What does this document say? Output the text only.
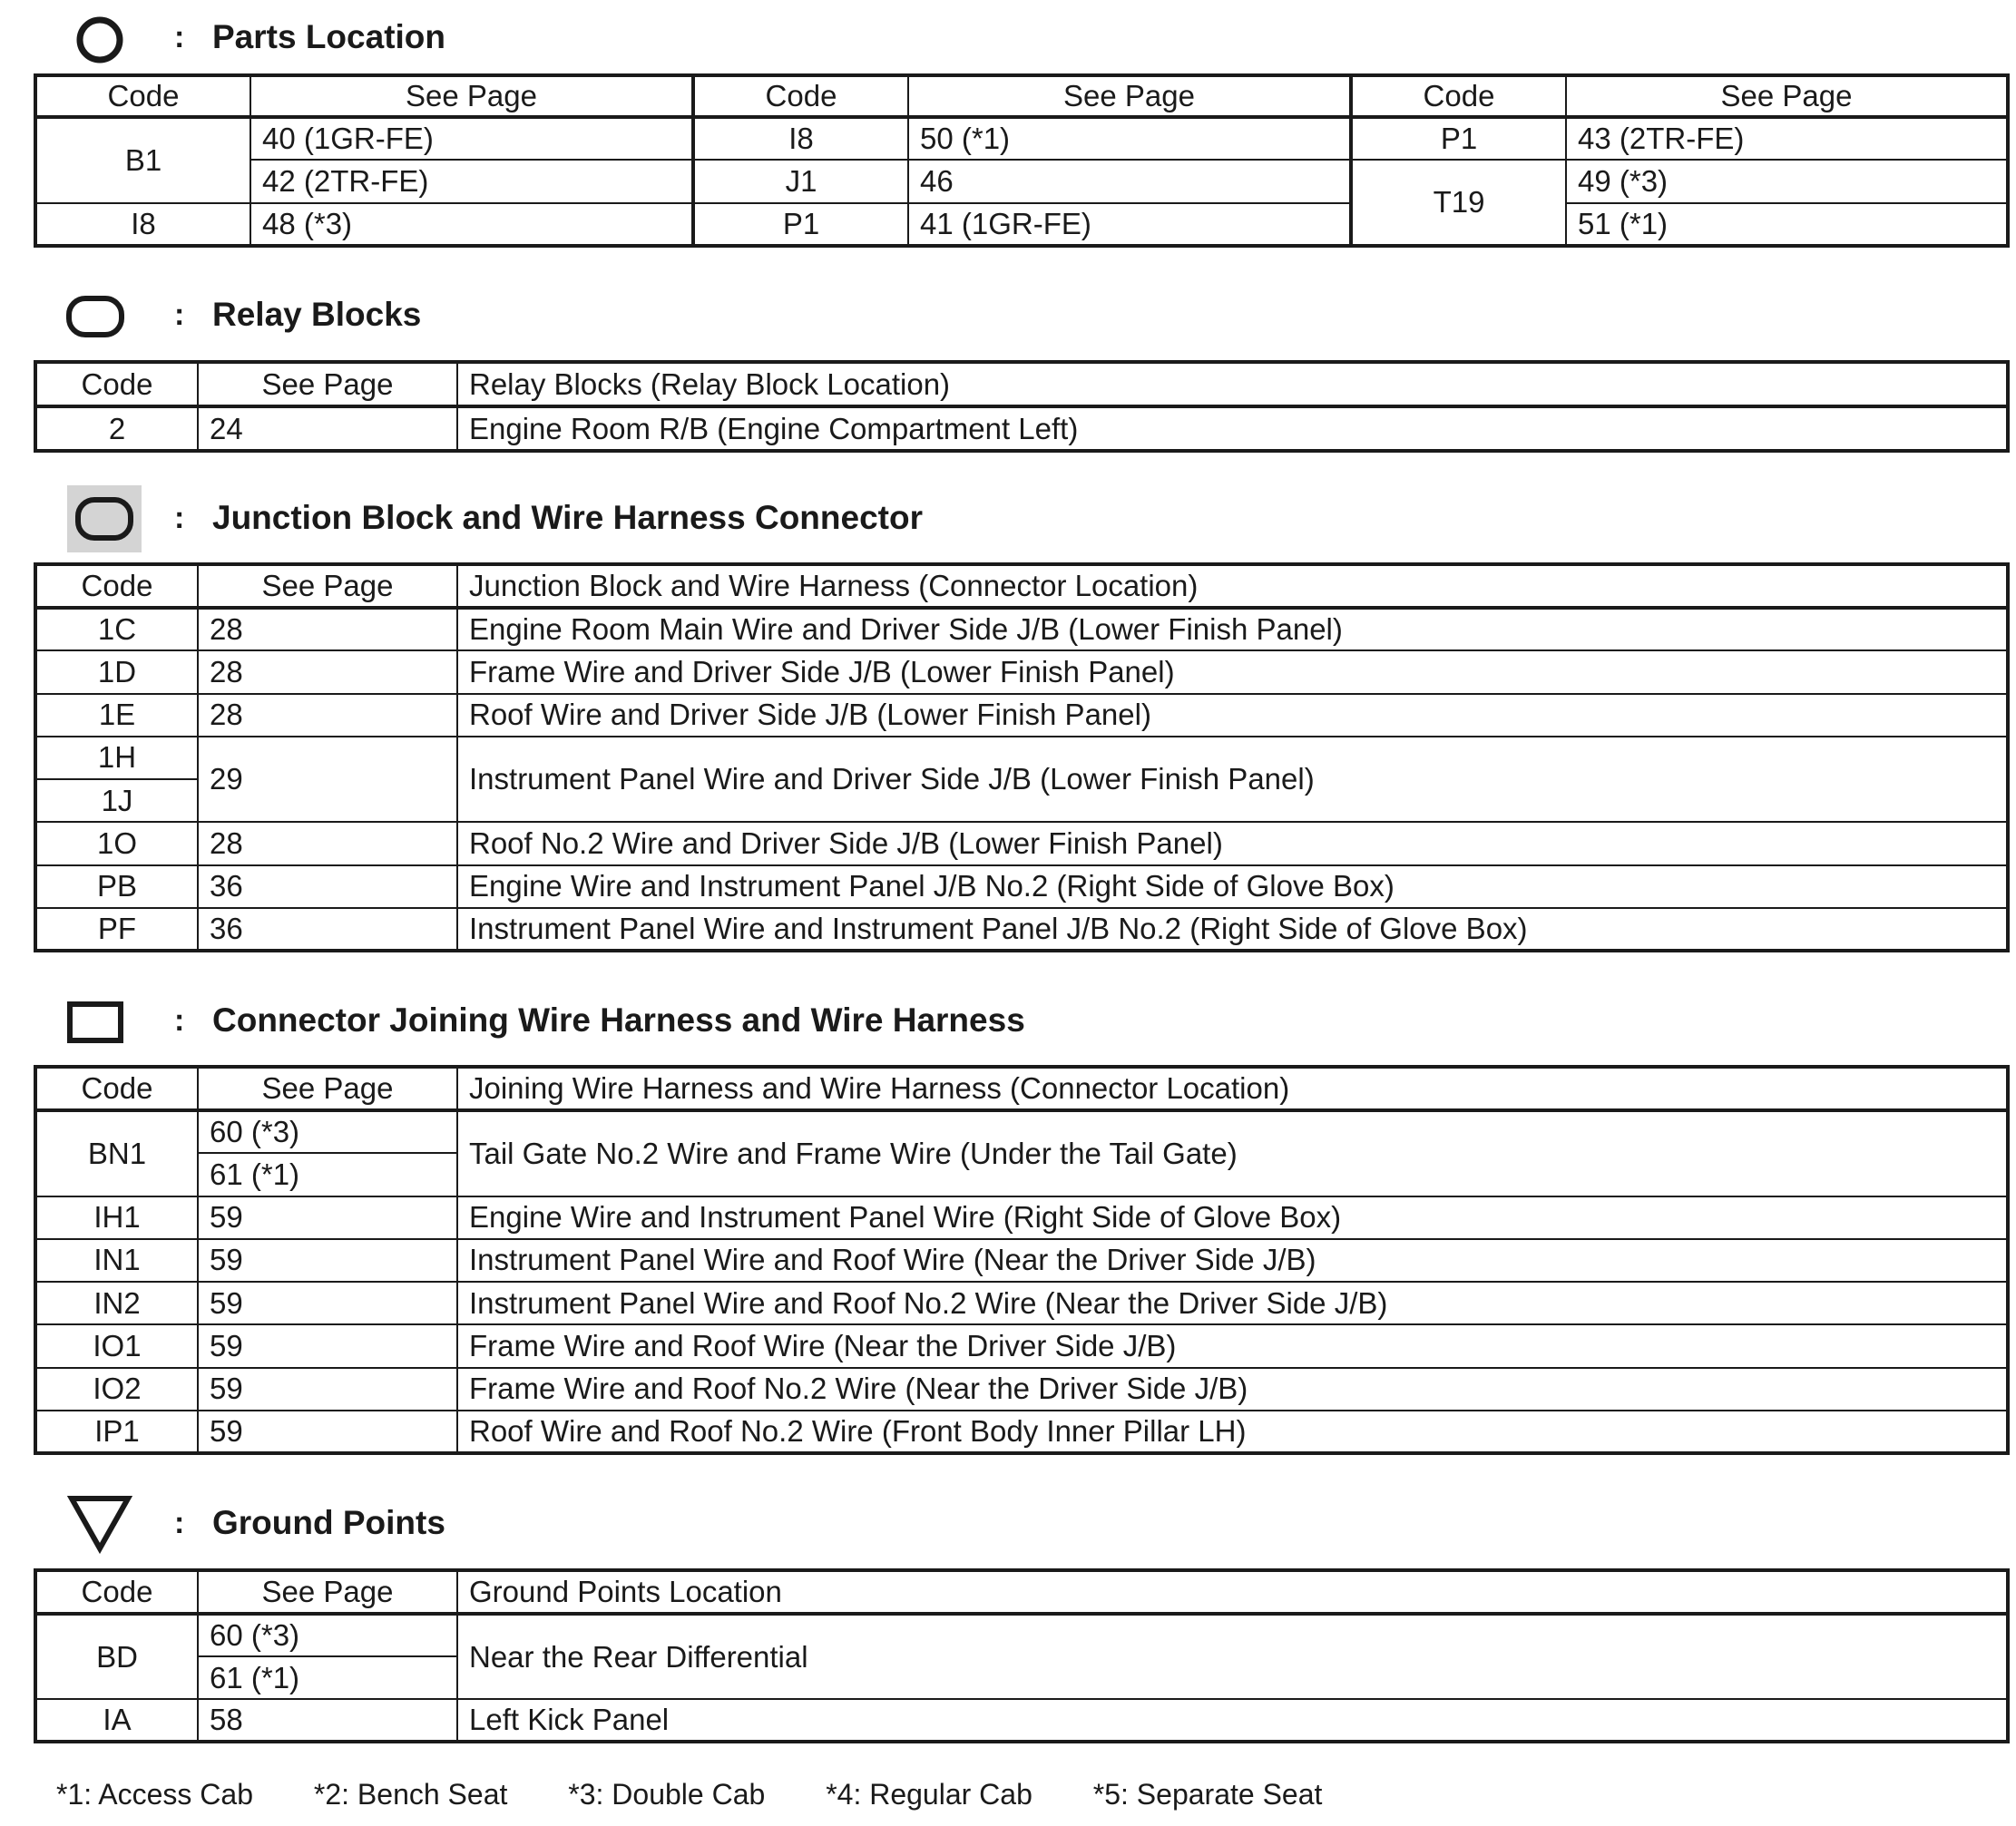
: Parts Location
Code	See Page	Code	See Page	Code	See Page
B1	40 (1GR-FE)	I8	50 (*1)	P1	43 (2TR-FE)
	42 (2TR-FE)	J1	46	T19	49 (*3)
I8	48 (*3)	P1	41 (1GR-FE)		51 (*1)
: Relay Blocks
Code	See Page	Relay Blocks (Relay Block Location)
2	24	Engine Room R/B (Engine Compartment Left)
: Junction Block and Wire Harness Connector
Code	See Page	Junction Block and Wire Harness (Connector Location)
1C	28	Engine Room Main Wire and Driver Side J/B (Lower Finish Panel)
1D	28	Frame Wire and Driver Side J/B (Lower Finish Panel)
1E	28	Roof Wire and Driver Side J/B (Lower Finish Panel)
1H	29	Instrument Panel Wire and Driver Side J/B (Lower Finish Panel)
1J		
1O	28	Roof No.2 Wire and Driver Side J/B (Lower Finish Panel)
PB	36	Engine Wire and Instrument Panel J/B No.2 (Right Side of Glove Box)
PF	36	Instrument Panel Wire and Instrument Panel J/B No.2 (Right Side of Glove Box)
: Connector Joining Wire Harness and Wire Harness
Code	See Page	Joining Wire Harness and Wire Harness (Connector Location)
BN1	60 (*3)	Tail Gate No.2 Wire and Frame Wire (Under the Tail Gate)
	61 (*1)	
IH1	59	Engine Wire and Instrument Panel Wire (Right Side of Glove Box)
IN1	59	Instrument Panel Wire and Roof Wire (Near the Driver Side J/B)
IN2	59	Instrument Panel Wire and Roof No.2 Wire (Near the Driver Side J/B)
IO1	59	Frame Wire and Roof Wire (Near the Driver Side J/B)
IO2	59	Frame Wire and Roof No.2 Wire (Near the Driver Side J/B)
IP1	59	Roof Wire and Roof No.2 Wire (Front Body Inner Pillar LH)
: Ground Points
Code	See Page	Ground Points Location
BD	60 (*3)	Near the Rear Differential
	61 (*1)	
IA	58	Left Kick Panel
*1: Access Cab *2: Bench Seat *3: Double Cab *4: Regular Cab *5: Separate Seat
